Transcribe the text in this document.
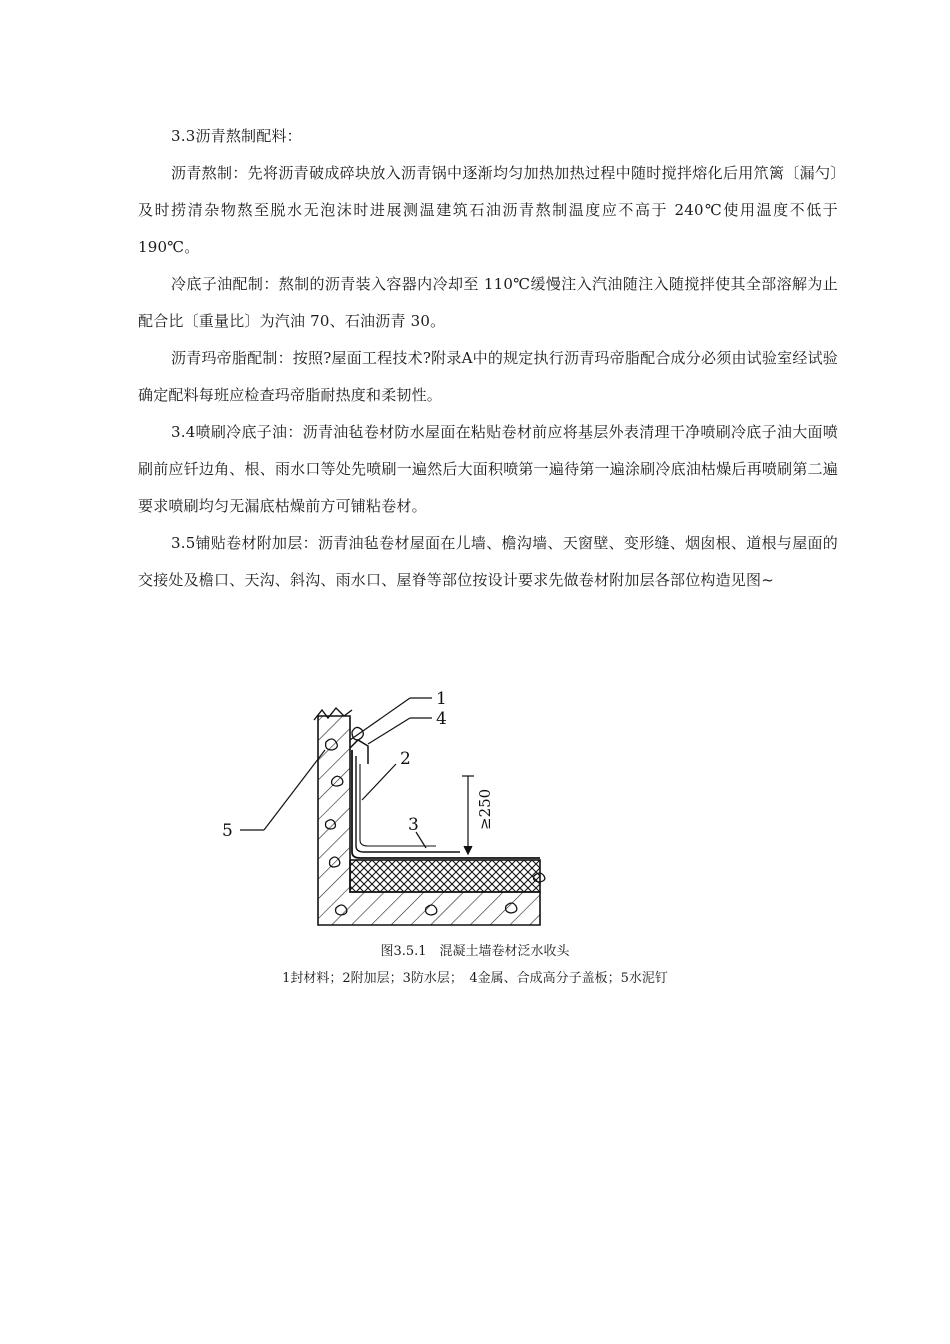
3.3沥青熬制配料：

沥青熬制：先将沥青破成碎块放入沥青锅中逐渐均匀加热加热过程中随时搅拌熔化后用笊篱〔漏勺〕及时捞清杂物熬至脱水无泡沫时进展测温建筑石油沥青熬制温度应不高于 240℃使用温度不低于 190℃。

冷底子油配制：熬制的沥青装入容器内冷却至 110℃缓慢注入汽油随注入随搅拌使其全部溶解为止配合比〔重量比〕为汽油 70、石油沥青 30。

沥青玛帝脂配制：按照?屋面工程技术?附录A中的规定执行沥青玛帝脂配合成分必须由试验室经试验确定配料每班应检查玛帝脂耐热度和柔韧性。

3.4喷刷冷底子油：沥青油毡卷材防水屋面在粘贴卷材前应将基层外表清理干净喷刷冷底子油大面喷刷前应钎边角、根、雨水口等处先喷刷一遍然后大面积喷第一遍待第一遍涂刷冷底油枯燥后再喷刷第二遍要求喷刷均匀无漏底枯燥前方可铺粘卷材。

3.5铺贴卷材附加层：沥青油毡卷材屋面在儿墙、檐沟墙、天窗壁、变形缝、烟囱根、道根与屋面的交接处及檐口、天沟、斜沟、雨水口、屋脊等部位按设计要求先做卷材附加层各部位构造见图~

1
4
2
3
5
≥250
图3.5.1　混凝土墙卷材泛水收头
1封材料；2附加层；3防水层；　4金属、合成高分子盖板；5水泥钉
